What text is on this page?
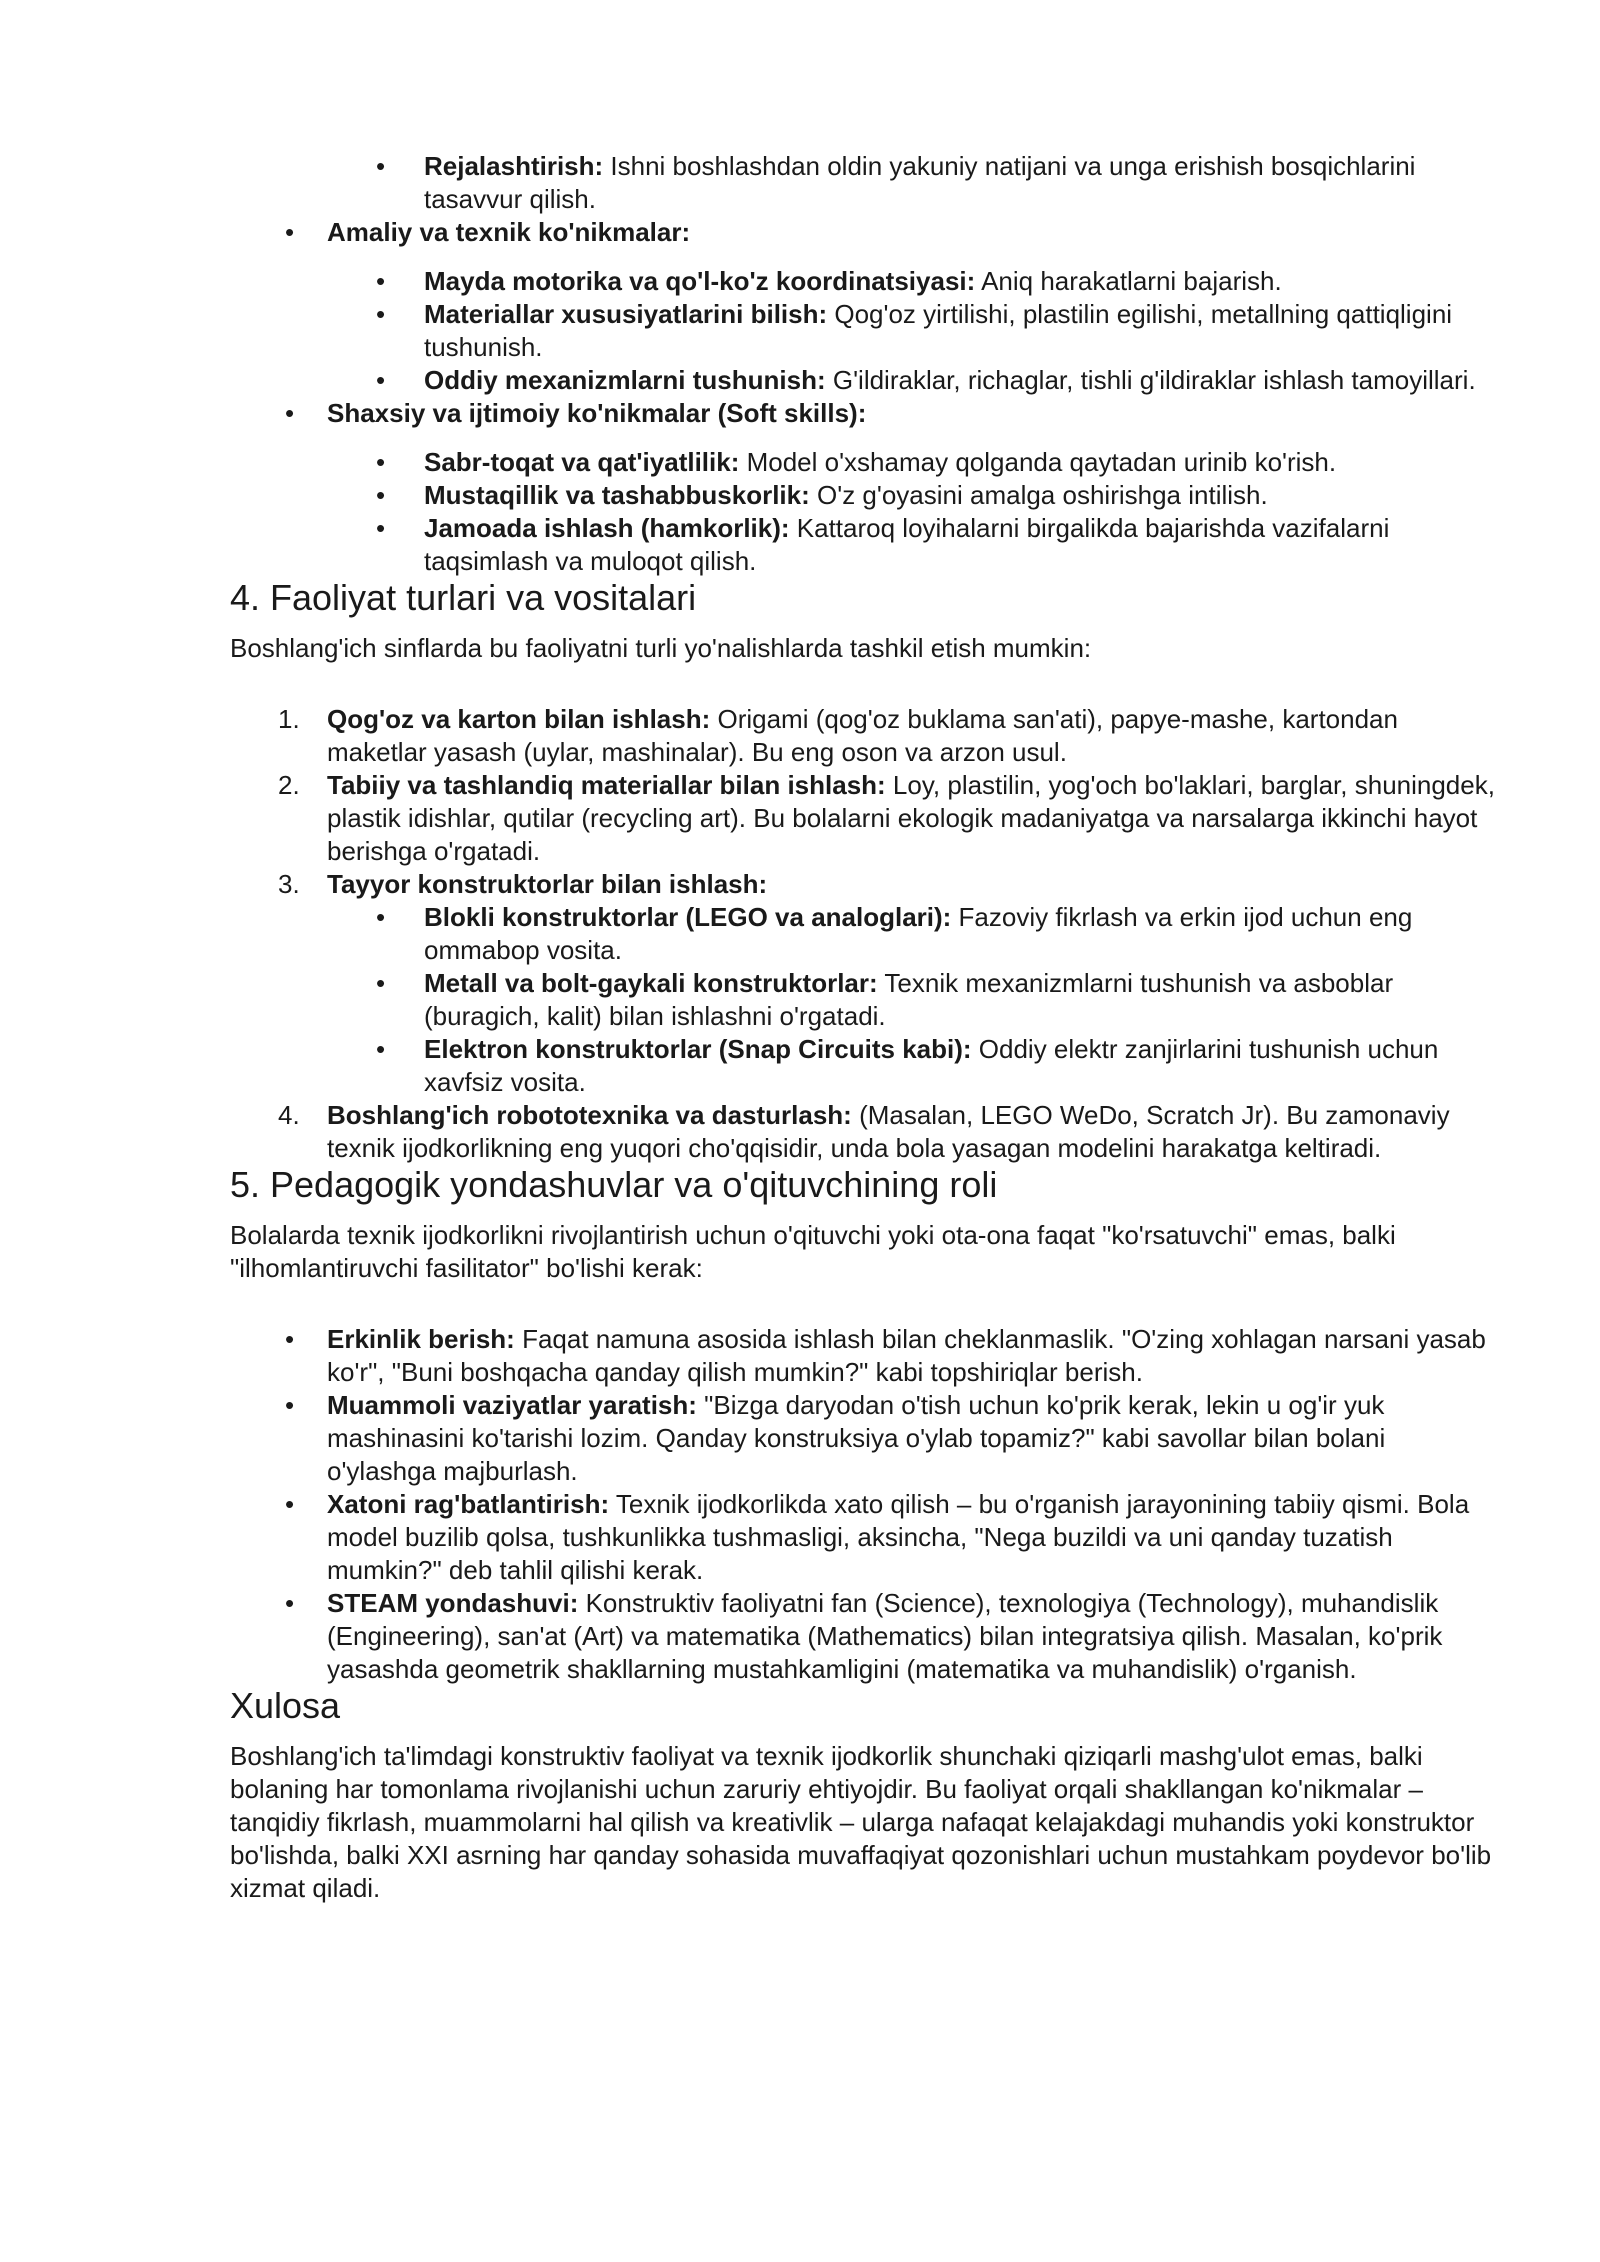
• Rejalashtirish: Ishni boshlashdan oldin yakuniy natijani va unga erishish bosqichlarini tasavvur qilish.
• Amaliy va texnik ko'nikmalar:
• Mayda motorika va qo'l-ko'z koordinatsiyasi: Aniq harakatlarni bajarish.
• Materiallar xususiyatlarini bilish: Qog'oz yirtilishi, plastilin egilishi, metallning qattiqligini tushunish.
• Oddiy mexanizmlarni tushunish: G'ildiraklar, richaglar, tishli g'ildiraklar ishlash tamoyillari.
• Shaxsiy va ijtimoiy ko'nikmalar (Soft skills):
• Sabr-toqat va qat'iyatlilik: Model o'xshamay qolganda qaytadan urinib ko'rish.
• Mustaqillik va tashabbuskorlik: O'z g'oyasini amalga oshirishga intilish.
• Jamoada ishlash (hamkorlik): Kattaroq loyihalarni birgalikda bajarishda vazifalarni taqsimlash va muloqot qilish.
4. Faoliyat turlari va vositalari

Boshlang'ich sinflarda bu faoliyatni turli yo'nalishlarda tashkil etish mumkin:

1. Qog'oz va karton bilan ishlash: Origami (qog'oz buklama san'ati), papye-mashe, kartondan maketlar yasash (uylar, mashinalar). Bu eng oson va arzon usul.
2. Tabiiy va tashlandiq materiallar bilan ishlash: Loy, plastilin, yog'och bo'laklari, barglar, shuningdek, plastik idishlar, qutilar (recycling art). Bu bolalarni ekologik madaniyatga va narsalarga ikkinchi hayot berishga o'rgatadi.
3. Tayyor konstruktorlar bilan ishlash:
• Blokli konstruktorlar (LEGO va analoglari): Fazoviy fikrlash va erkin ijod uchun eng ommabop vosita.
• Metall va bolt-gaykali konstruktorlar: Texnik mexanizmlarni tushunish va asboblar (buragich, kalit) bilan ishlashni o'rgatadi.
• Elektron konstruktorlar (Snap Circuits kabi): Oddiy elektr zanjirlarini tushunish uchun xavfsiz vosita.
4. Boshlang'ich robototexnika va dasturlash: (Masalan, LEGO WeDo, Scratch Jr). Bu zamonaviy texnik ijodkorlikning eng yuqori cho'qqisidir, unda bola yasagan modelini harakatga keltiradi.
5. Pedagogik yondashuvlar va o'qituvchining roli

Bolalarda texnik ijodkorlikni rivojlantirish uchun o'qituvchi yoki ota-ona faqat "ko'rsatuvchi" emas, balki "ilhomlantiruvchi fasilitator" bo'lishi kerak:

• Erkinlik berish: Faqat namuna asosida ishlash bilan cheklanmaslik. "O'zing xohlagan narsani yasab ko'r", "Buni boshqacha qanday qilish mumkin?" kabi topshiriqlar berish.
• Muammoli vaziyatlar yaratish: "Bizga daryodan o'tish uchun ko'prik kerak, lekin u og'ir yuk mashinasini ko'tarishi lozim. Qanday konstruksiya o'ylab topamiz?" kabi savollar bilan bolani o'ylashga majburlash.
• Xatoni rag'batlantirish: Texnik ijodkorlikda xato qilish – bu o'rganish jarayonining tabiiy qismi. Bola model buzilib qolsa, tushkunlikka tushmasligi, aksincha, "Nega buzildi va uni qanday tuzatish mumkin?" deb tahlil qilishi kerak.
• STEAM yondashuvi: Konstruktiv faoliyatni fan (Science), texnologiya (Technology), muhandislik (Engineering), san'at (Art) va matematika (Mathematics) bilan integratsiya qilish. Masalan, ko'prik yasashda geometrik shakllarning mustahkamligini (matematika va muhandislik) o'rganish.
Xulosa

Boshlang'ich ta'limdagi konstruktiv faoliyat va texnik ijodkorlik shunchaki qiziqarli mashg'ulot emas, balki bolaning har tomonlama rivojlanishi uchun zaruriy ehtiyojdir. Bu faoliyat orqali shakllangan ko'nikmalar – tanqidiy fikrlash, muammolarni hal qilish va kreativlik – ularga nafaqat kelajakdagi muhandis yoki konstruktor bo'lishda, balki XXI asrning har qanday sohasida muvaffaqiyat qozonishlari uchun mustahkam poydevor bo'lib xizmat qiladi.
